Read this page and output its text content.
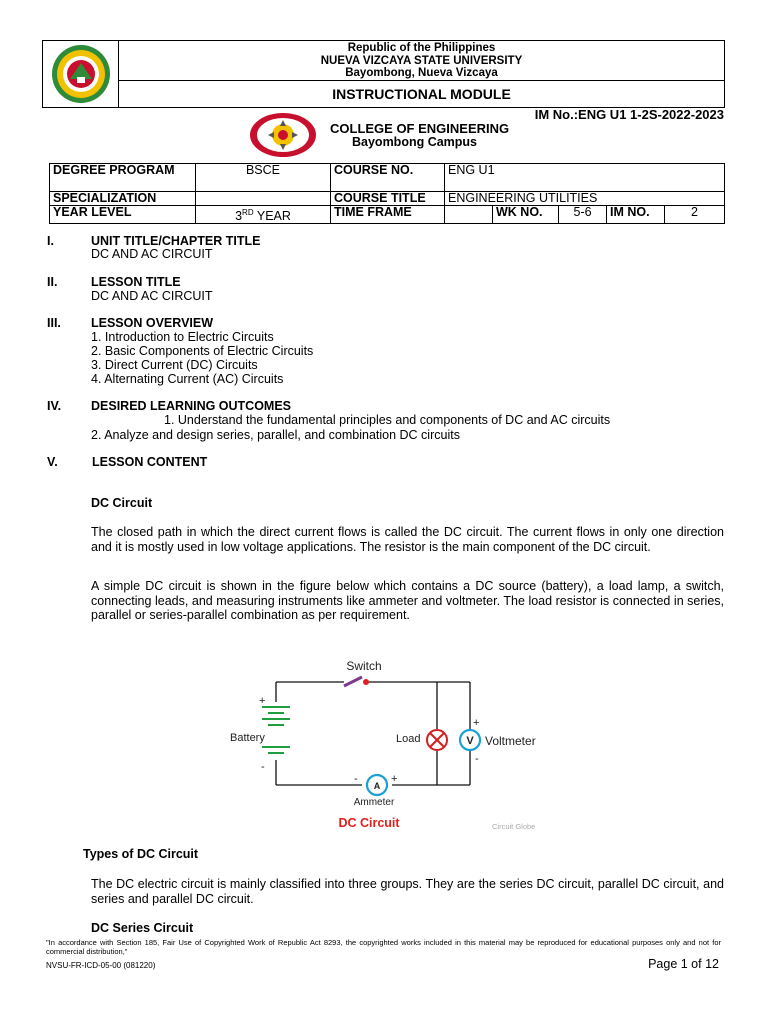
Republic of the Philippines
NUEVA VIZCAYA STATE UNIVERSITY
Bayombong, Nueva Vizcaya
INSTRUCTIONAL MODULE
IM No.:ENG U1 1-2S-2022-2023
COLLEGE OF ENGINEERING
Bayombong Campus
DEGREE PROGRAM	BSCE	COURSE NO.	ENG U1				
SPECIALIZATION		COURSE TITLE	ENGINEERING UTILITIES				
YEAR LEVEL	3RD YEAR	TIME FRAME		WK NO.	5-6	IM NO.	2
I.	UNIT TITLE/CHAPTER TITLE
DC AND AC CIRCUIT
II.	LESSON TITLE
DC AND AC CIRCUIT
III. LESSON OVERVIEW
1. Introduction to Electric Circuits
2. Basic Components of Electric Circuits
3. Direct Current (DC) Circuits
4. Alternating Current (AC) Circuits
IV. DESIRED LEARNING OUTCOMES
1. Understand the fundamental principles and components of DC and AC circuits
2. Analyze and design series, parallel, and combination DC circuits
V.	LESSON CONTENT
DC Circuit
The closed path in which the direct current flows is called the DC circuit. The current flows in only one direction and it is mostly used in low voltage applications. The resistor is the main component of the DC circuit.
A simple DC circuit is shown in the figure below which contains a DC source (battery), a load lamp, a switch, connecting leads, and measuring instruments like ammeter and voltmeter. The load resistor is connected in series, parallel or series-parallel combination as per requirement.
Switch
Battery
+
-
Load	V Voltmeter
+
-
A
-	+
Ammeter
DC Circuit	Circuit Globe
Types of DC Circuit
The DC electric circuit is mainly classified into three groups. They are the series DC circuit, parallel DC circuit, and series and parallel DC circuit.
DC Series Circuit
"In accordance with Section 185, Fair Use of Copyrighted Work of Republic Act 8293, the copyrighted works included in this material may be reproduced for educational purposes only and not for commercial distribution,"
NVSU-FR-ICD-05-00 (081220)	Page 1 of 12
